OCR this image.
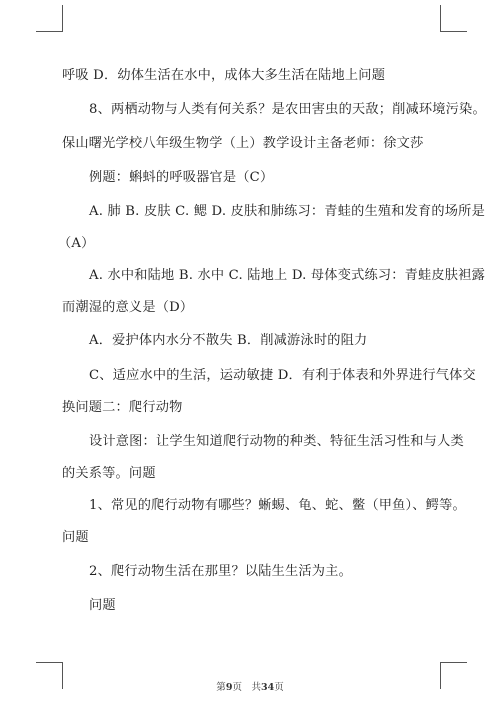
呼吸 D．幼体生活在水中，成体大多生活在陆地上问题
8、两栖动物与人类有何关系？是农田害虫的天敌；削减环境污染。
保山曙光学校八年级生物学（上）教学设计主备老师：徐文莎
例题：蝌蚪的呼吸器官是（C）
A. 肺 B. 皮肤 C. 鳃 D. 皮肤和肺练习：青蛙的生殖和发育的场所是
（A）
A. 水中和陆地 B. 水中 C. 陆地上 D. 母体变式练习：青蛙皮肤袒露
而潮湿的意义是（D）
A．爱护体内水分不散失 B．削减游泳时的阻力
C、适应水中的生活，运动敏捷 D．有利于体表和外界进行气体交
换问题二：爬行动物
设计意图：让学生知道爬行动物的种类、特征生活习性和与人类
的关系等。问题
1、常见的爬行动物有哪些？蜥蜴、龟、蛇、鳖（甲鱼）、鳄等。
问题
2、爬行动物生活在那里？以陆生生活为主。
问题
第9页　共34页
